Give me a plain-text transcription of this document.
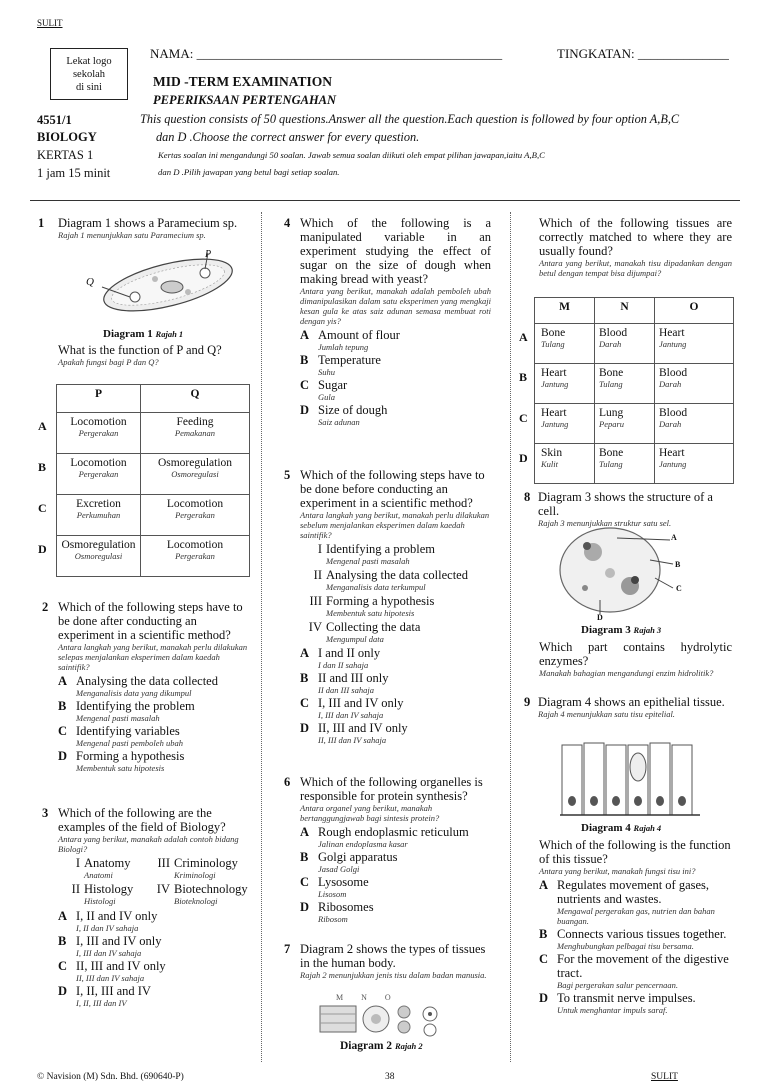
SULIT
Lekat logo
sekolah
di sini
NAMA: _______________________________________________	TINGKATAN: ______________
MID -TERM EXAMINATION
PEPERIKSAAN PERTENGAHAN
4551/1
BIOLOGY
KERTAS 1
1 jam 15 minit
This question consists of 50 questions.Answer all the question.Each question is followed by four option A,B,C
dan D .Choose the correct answer for every question.
Kertas soalan ini mengandungi 50 soalan. Jawab semua soalan diikuti oleh empat pilihan jawapan,iaitu A,B,C
dan D .Pilih jawapan yang betul bagi setiap soalan.
1 Diagram 1 shows a Paramecium sp.
Rajah 1 menunjukkan satu Paramecium sp.
Q
P
Diagram 1 Rajah 1
What is the function of P and Q?
Apakah fungsi bagi P dan Q?
P	Q
Locomotion
Pergerakan	Feeding
Pemakanan

Locomotion
Pergerakan	Osmoregulation
Osmoregulasi

Excretion
Perkumuhan	Locomotion
Pergerakan

Osmoregulation
Osmoregulasi	Locomotion
Pergerakan
A
B
C
D
2 Which of the following steps have to be done after conducting an experiment in a scientific method?
Antara langkah yang berikut, manakah perlu dilakukan selepas menjalankan eksperimen dalam kaedah saintifik?
A Analysing the data collected
Menganalisis data yang dikumpul
B Identifying the problem
Mengenal pasti masalah
C Identifying variables
Mengenal pasti pemboleh ubah
D Forming a hypothesis
Membentuk satu hipotesis
3 Which of the following are the examples of the field of Biology?
Antara yang berikut, manakah adalah contoh bidang Biologi?
I Anatomy
Anatomi
III Criminology
Kriminologi
II Histology
Histologi
IV Biotechnology
Bioteknologi
A I, II and IV only
I, II dan IV sahaja
B I, III and IV only
I, III dan IV sahaja
C II, III and IV only
II, III dan IV sahaja
D I, II, III and IV
I, II, III dan IV
4 Which of the following is a manipulated variable in an experiment studying the effect of sugar on the size of dough when making bread with yeast?
Antara yang berikut, manakah adalah pemboleh ubah dimanipulasikan dalam satu eksperimen yang mengkaji kesan gula ke atas saiz adunan semasa membuat roti dengan yis?
A Amount of flour
Jumlah tepung
B Temperature
Suhu
C Sugar
Gula
D Size of dough
Saiz adunan
5 Which of the following steps have to be done before conducting an experiment in a scientific method?
Antara langkah yang berikut, manakah perlu dilakukan sebelum menjalankan eksperimen dalam kaedah saintifik?
I Identifying a problem
Mengenal pasti masalah
II Analysing the data collected
Menganalisis data terkumpul
III Forming a hypothesis
Membentuk satu hipotesis
IV Collecting the data
Mengumpul data
A I and II only
I dan II sahaja
B II and III only
II dan III sahaja
C I, III and IV only
I, III dan IV sahaja
D II, III and IV only
II, III dan IV sahaja
6 Which of the following organelles is responsible for protein synthesis?
Antara organel yang berikut, manakah bertanggungjawab bagi sintesis protein?
A Rough endoplasmic reticulum
Jalinan endoplasma kasar
B Golgi apparatus
Jasad Golgi
C Lysosome
Lisosom
D Ribosomes
Ribosom
7 Diagram 2 shows the types of tissues in the human body.
Rajah 2 menunjukkan jenis tisu dalam badan manusia.
MNO
Diagram 2 Rajah 2
Which of the following tissues are correctly matched to where they are usually found?
Antara yang berikut, manakah tisu dipadankan dengan betul dengan tempat bisa dijumpai?
M	N	O
Bone
Tulang	Blood
Darah	Heart
Jantung

Heart
Jantung	Bone
Tulang	Blood
Darah

Heart
Jantung	Lung
Peparu	Blood
Darah

Skin
Kulit	Bone
Tulang	Heart
Jantung
A
B
C
D
8 Diagram 3 shows the structure of a cell.
Rajah 3 menunjukkan struktur satu sel.
A
B
C
D
Diagram 3 Rajah 3
Which part contains hydrolytic enzymes?
Manakah bahagian mengandungi enzim hidrolitik?
9 Diagram 4 shows an epithelial tissue.
Rajah 4 menunjukkan satu tisu epitelial.
Diagram 4 Rajah 4
Which of the following is the function of this tissue?
Antara yang berikut, manakah fungsi tisu ini?
A Regulates movement of gases, nutrients and wastes.
Mengawal pergerakan gas, nutrien dan bahan buangan.
B Connects various tissues together.
Menghubungkan pelbagai tisu bersama.
C For the movement of the digestive tract.
Bagi pergerakan salur pencernaan.
D To transmit nerve impulses.
Untuk menghantar impuls saraf.
© Navision (M) Sdn. Bhd. (690640-P)	38	SULIT
